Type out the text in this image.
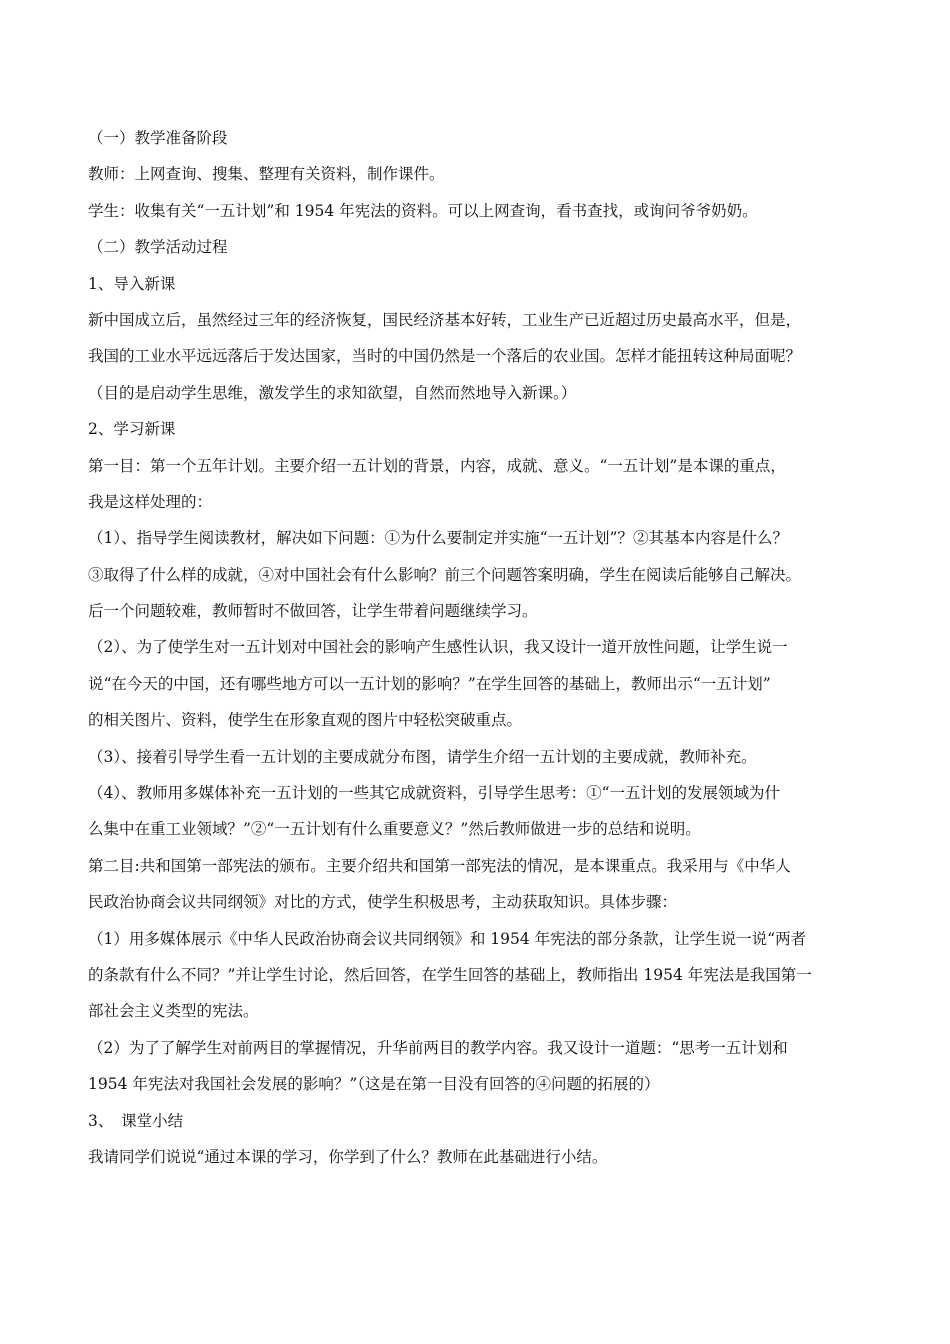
（一）教学准备阶段
教师：上网查询、搜集、整理有关资料，制作课件。
学生：收集有关“一五计划”和 1954 年宪法的资料。可以上网查询，看书查找，或询问爷爷奶奶。
（二）教学活动过程
1、导入新课
新中国成立后，虽然经过三年的经济恢复，国民经济基本好转，工业生产已近超过历史最高水平，但是，
我国的工业水平远远落后于发达国家，当时的中国仍然是一个落后的农业国。怎样才能扭转这种局面呢？
（目的是启动学生思维，激发学生的求知欲望，自然而然地导入新课。）
2、学习新课
第一目：第一个五年计划。主要介绍一五计划的背景，内容，成就、意义。“一五计划”是本课的重点，
我是这样处理的：
（1）、指导学生阅读教材，解决如下问题：①为什么要制定并实施“一五计划”？②其基本内容是什么？
③取得了什么样的成就，④对中国社会有什么影响？前三个问题答案明确，学生在阅读后能够自己解决。
后一个问题较难，教师暂时不做回答，让学生带着问题继续学习。
（2）、为了使学生对一五计划对中国社会的影响产生感性认识，我又设计一道开放性问题，让学生说一
说“在今天的中国，还有哪些地方可以一五计划的影响？”在学生回答的基础上，教师出示“一五计划”
的相关图片、资料，使学生在形象直观的图片中轻松突破重点。
（3）、接着引导学生看一五计划的主要成就分布图，请学生介绍一五计划的主要成就，教师补充。
（4）、教师用多媒体补充一五计划的一些其它成就资料，引导学生思考：①“一五计划的发展领域为什
么集中在重工业领域？”②“一五计划有什么重要意义？”然后教师做进一步的总结和说明。
第二目:共和国第一部宪法的颁布。主要介绍共和国第一部宪法的情况，是本课重点。我采用与《中华人
民政治协商会议共同纲领》对比的方式，使学生积极思考，主动获取知识。具体步骤：
（1）用多媒体展示《中华人民政治协商会议共同纲领》和 1954 年宪法的部分条款，让学生说一说“两者
的条款有什么不同？”并让学生讨论，然后回答，在学生回答的基础上，教师指出 1954 年宪法是我国第一
部社会主义类型的宪法。
（2）为了了解学生对前两目的掌握情况，升华前两目的教学内容。我又设计一道题：“思考一五计划和
1954 年宪法对我国社会发展的影响？”（这是在第一目没有回答的④问题的拓展的）
3、　课堂小结
我请同学们说说“通过本课的学习，你学到了什么？教师在此基础进行小结。
